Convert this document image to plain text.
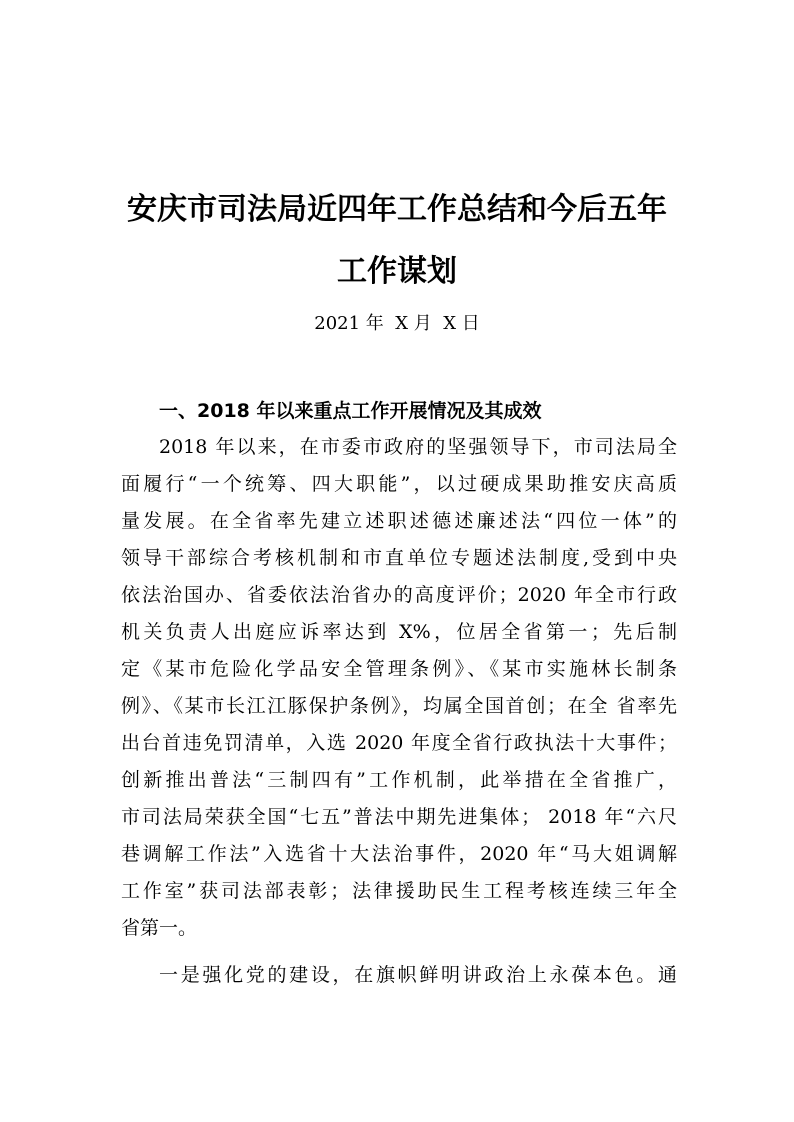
安庆市司法局近四年工作总结和今后五年
工作谋划
2021 年  X 月  X 日
一、2018 年以来重点工作开展情况及其成效
2018 年以来，在市委市政府的坚强领导下，市司法局全
面履行“一个统筹、四大职能”，以过硬成果助推安庆高质
量发展。在全省率先建立述职述德述廉述法“四位一体”的
领导干部综合考核机制和市直单位专题述法制度,受到中央
依法治国办、省委依法治省办的高度评价；2020 年全市行政
机关负责人出庭应诉率达到 X%，位居全省第一；先后制
定《某市危险化学品安全管理条例》、《某市实施林长制条
例》、《某市长江江豚保护条例》，均属全国首创；在全 省率先
出台首违免罚清单，入选 2020 年度全省行政执法十大事件；
创新推出普法“三制四有”工作机制，此举措在全省推广，
市司法局荣获全国“七五”普法中期先进集体； 2018 年“六尺
巷调解工作法”入选省十大法治事件，2020 年“马大姐调解
工作室”获司法部表彰；法律援助民生工程考核连续三年全
省第一。
一是强化党的建设，在旗帜鲜明讲政治上永葆本色。通
